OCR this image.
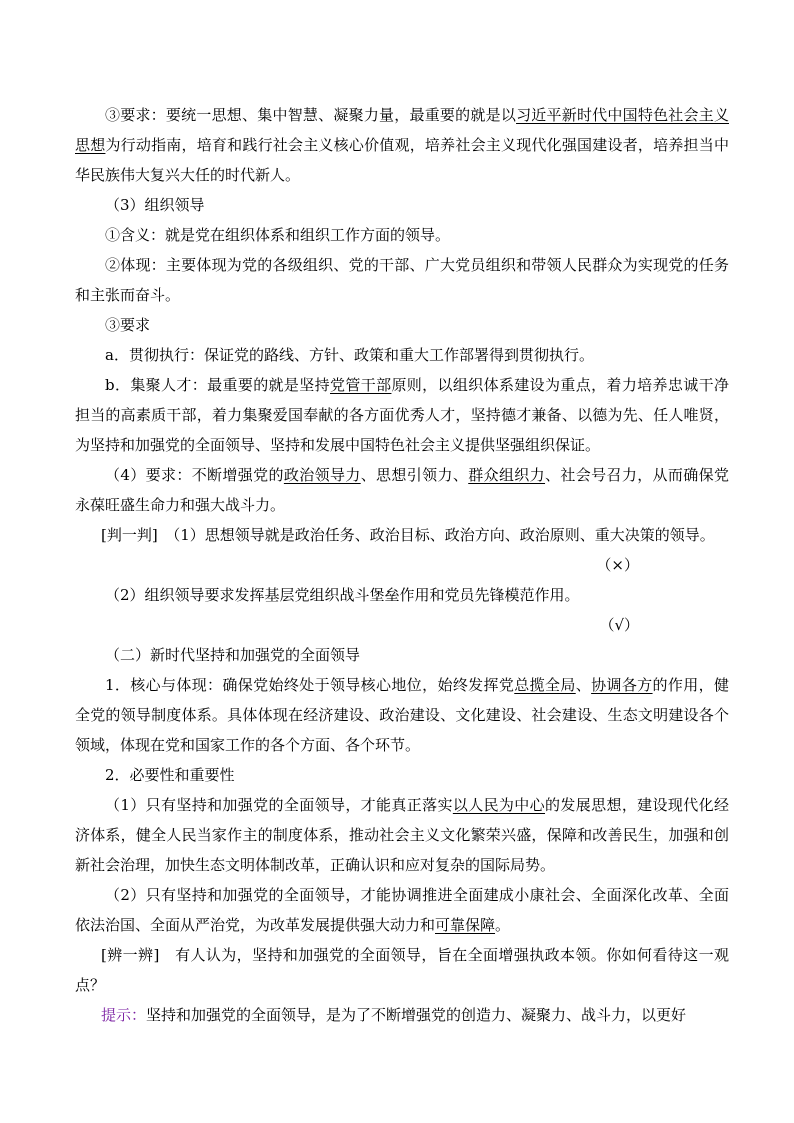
③要求：要统一思想、集中智慧、凝聚力量，最重要的就是以习近平新时代中国特色社会主义思想为行动指南，培育和践行社会主义核心价值观，培养社会主义现代化强国建设者，培养担当中华民族伟大复兴大任的时代新人。

（3）组织领导

①含义：就是党在组织体系和组织工作方面的领导。

②体现：主要体现为党的各级组织、党的干部、广大党员组织和带领人民群众为实现党的任务和主张而奋斗。

③要求

a．贯彻执行：保证党的路线、方针、政策和重大工作部署得到贯彻执行。

b．集聚人才：最重要的就是坚持党管干部原则，以组织体系建设为重点，着力培养忠诚干净担当的高素质干部，着力集聚爱国奉献的各方面优秀人才，坚持德才兼备、以德为先、任人唯贤，为坚持和加强党的全面领导、坚持和发展中国特色社会主义提供坚强组织保证。

（4）要求：不断增强党的政治领导力、思想引领力、群众组织力、社会号召力，从而确保党永葆旺盛生命力和强大战斗力。

[判一判]　 （1）思想领导就是政治任务、政治目标、政治方向、政治原则、重大决策的领导。

（×）

（2）组织领导要求发挥基层党组织战斗堡垒作用和党员先锋模范作用。

（√）

（二）新时代坚持和加强党的全面领导

1．核心与体现：确保党始终处于领导核心地位，始终发挥党总揽全局、协调各方的作用，健全党的领导制度体系。具体体现在经济建设、政治建设、文化建设、社会建设、生态文明建设各个领域，体现在党和国家工作的各个方面、各个环节。

2．必要性和重要性

（1）只有坚持和加强党的全面领导，才能真正落实以人民为中心的发展思想，建设现代化经济体系，健全人民当家作主的制度体系，推动社会主义文化繁荣兴盛，保障和改善民生，加强和创新社会治理，加快生态文明体制改革，正确认识和应对复杂的国际局势。

（2）只有坚持和加强党的全面领导，才能协调推进全面建成小康社会、全面深化改革、全面依法治国、全面从严治党，为改革发展提供强大动力和可靠保障。

[辨一辨]　 有人认为，坚持和加强党的全面领导，旨在全面增强执政本领。你如何看待这一观点？

提示：坚持和加强党的全面领导，是为了不断增强党的创造力、凝聚力、战斗力，以更好
